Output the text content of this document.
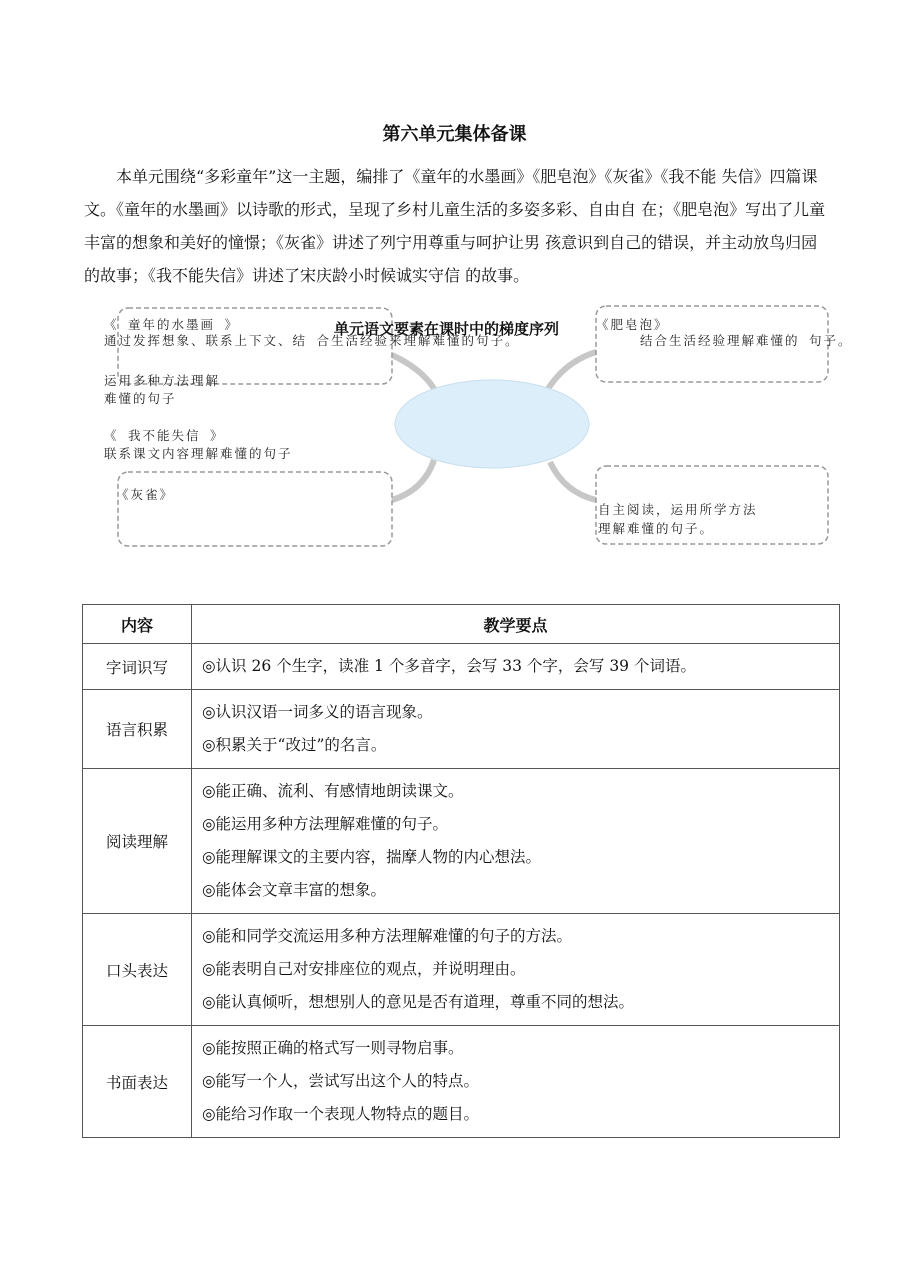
第六单元集体备课

本单元围绕“多彩童年”这一主题，编排了《童年的水墨画》《肥皂泡》《灰雀》《我不能 失信》四篇课文。《童年的水墨画》以诗歌的形式，呈现了乡村儿童生活的多姿多彩、自由自 在；《肥皂泡》写出了儿童丰富的想象和美好的憧憬；《灰雀》讲述了列宁用尊重与呵护让男 孩意识到自己的错误，并主动放鸟归园的故事；《我不能失信》讲述了宋庆龄小时候诚实守信 的故事。

《 童年的水墨画 》
通过发挥想象、联系上下文、结 合生活经验来理解难懂的句子。
单元语文要素在课时中的梯度序列	《肥皂泡》
结合生活经验理解难懂的 句子。
运用多种方法理解
难懂的句子
《 我不能失信 》
联系课文内容理解难懂的句子
《灰雀》
自主阅读，运用所学方法
理解难懂的句子。
内容	教学要点
字词识写	◎认识 26 个生字，读准 1 个多音字，会写 33 个字，会写 39 个词语。

语言积累	◎认识汉语一词多义的语言现象。
◎积累关于“改过”的名言。

阅读理解	◎能正确、流利、有感情地朗读课文。
◎能运用多种方法理解难懂的句子。
◎能理解课文的主要内容，揣摩人物的内心想法。
◎能体会文章丰富的想象。

口头表达	◎能和同学交流运用多种方法理解难懂的句子的方法。
◎能表明自己对安排座位的观点，并说明理由。
◎能认真倾听，想想别人的意见是否有道理，尊重不同的想法。

书面表达	◎能按照正确的格式写一则寻物启事。
◎能写一个人，尝试写出这个人的特点。
◎能给习作取一个表现人物特点的题目。
